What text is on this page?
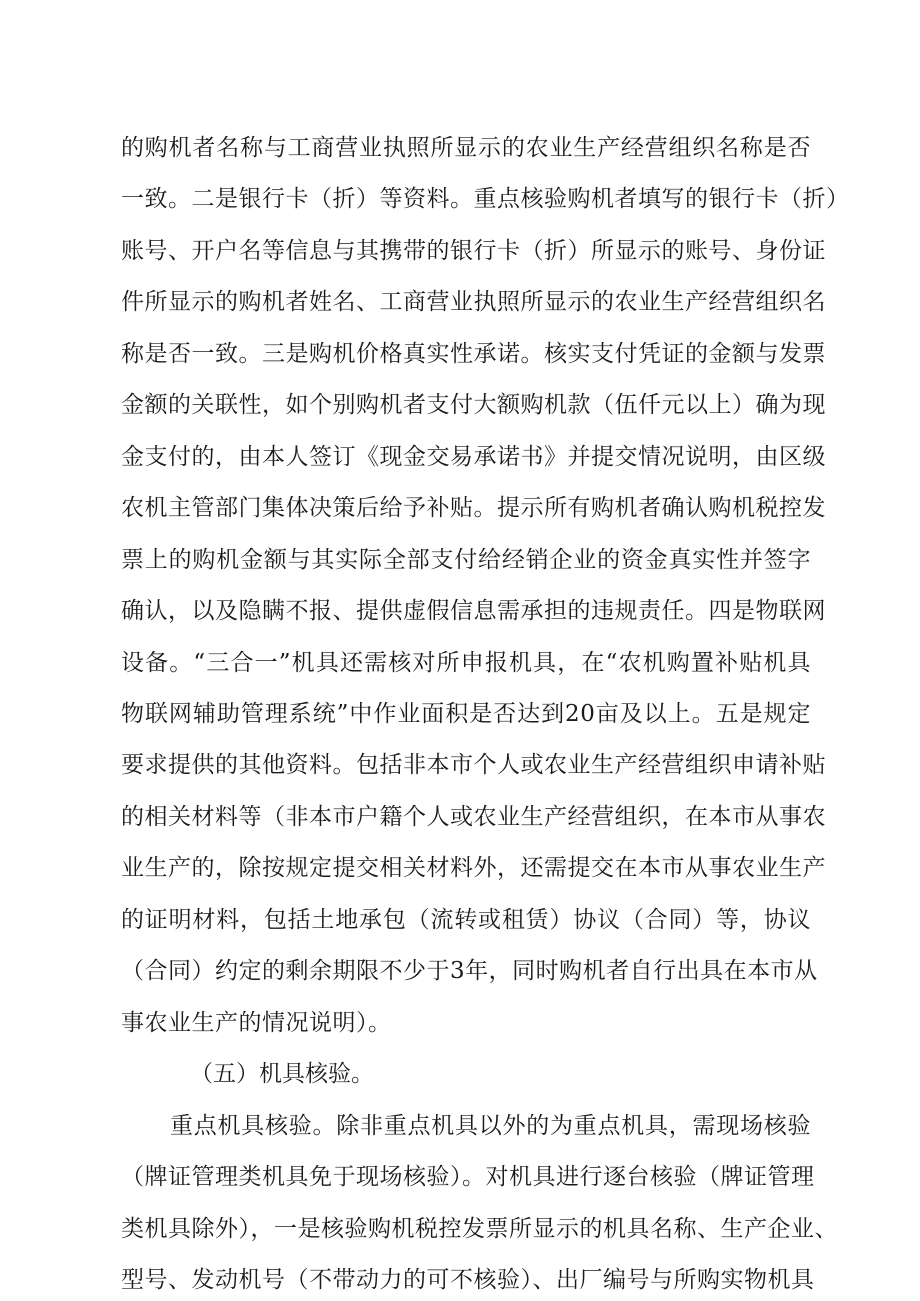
的购机者名称与工商营业执照所显示的农业生产经营组织名称是否
一致。二是银行卡（折）等资料。重点核验购机者填写的银行卡（折）
账号、开户名等信息与其携带的银行卡（折）所显示的账号、身份证
件所显示的购机者姓名、工商营业执照所显示的农业生产经营组织名
称是否一致。三是购机价格真实性承诺。核实支付凭证的金额与发票
金额的关联性，如个别购机者支付大额购机款（伍仟元以上）确为现
金支付的，由本人签订《现金交易承诺书》并提交情况说明，由区级
农机主管部门集体决策后给予补贴。提示所有购机者确认购机税控发
票上的购机金额与其实际全部支付给经销企业的资金真实性并签字
确认，以及隐瞒不报、提供虚假信息需承担的违规责任。四是物联网
设备。“三合一”机具还需核对所申报机具，在“农机购置补贴机具
物联网辅助管理系统”中作业面积是否达到20亩及以上。五是规定
要求提供的其他资料。包括非本市个人或农业生产经营组织申请补贴
的相关材料等（非本市户籍个人或农业生产经营组织，在本市从事农
业生产的，除按规定提交相关材料外，还需提交在本市从事农业生产
的证明材料，包括土地承包（流转或租赁）协议（合同）等，协议
（合同）约定的剩余期限不少于3年，同时购机者自行出具在本市从
事农业生产的情况说明）。
（五）机具核验。
重点机具核验。除非重点机具以外的为重点机具，需现场核验
（牌证管理类机具免于现场核验）。对机具进行逐台核验（牌证管理
类机具除外），一是核验购机税控发票所显示的机具名称、生产企业、
型号、发动机号（不带动力的可不核验）、出厂编号与所购实物机具
